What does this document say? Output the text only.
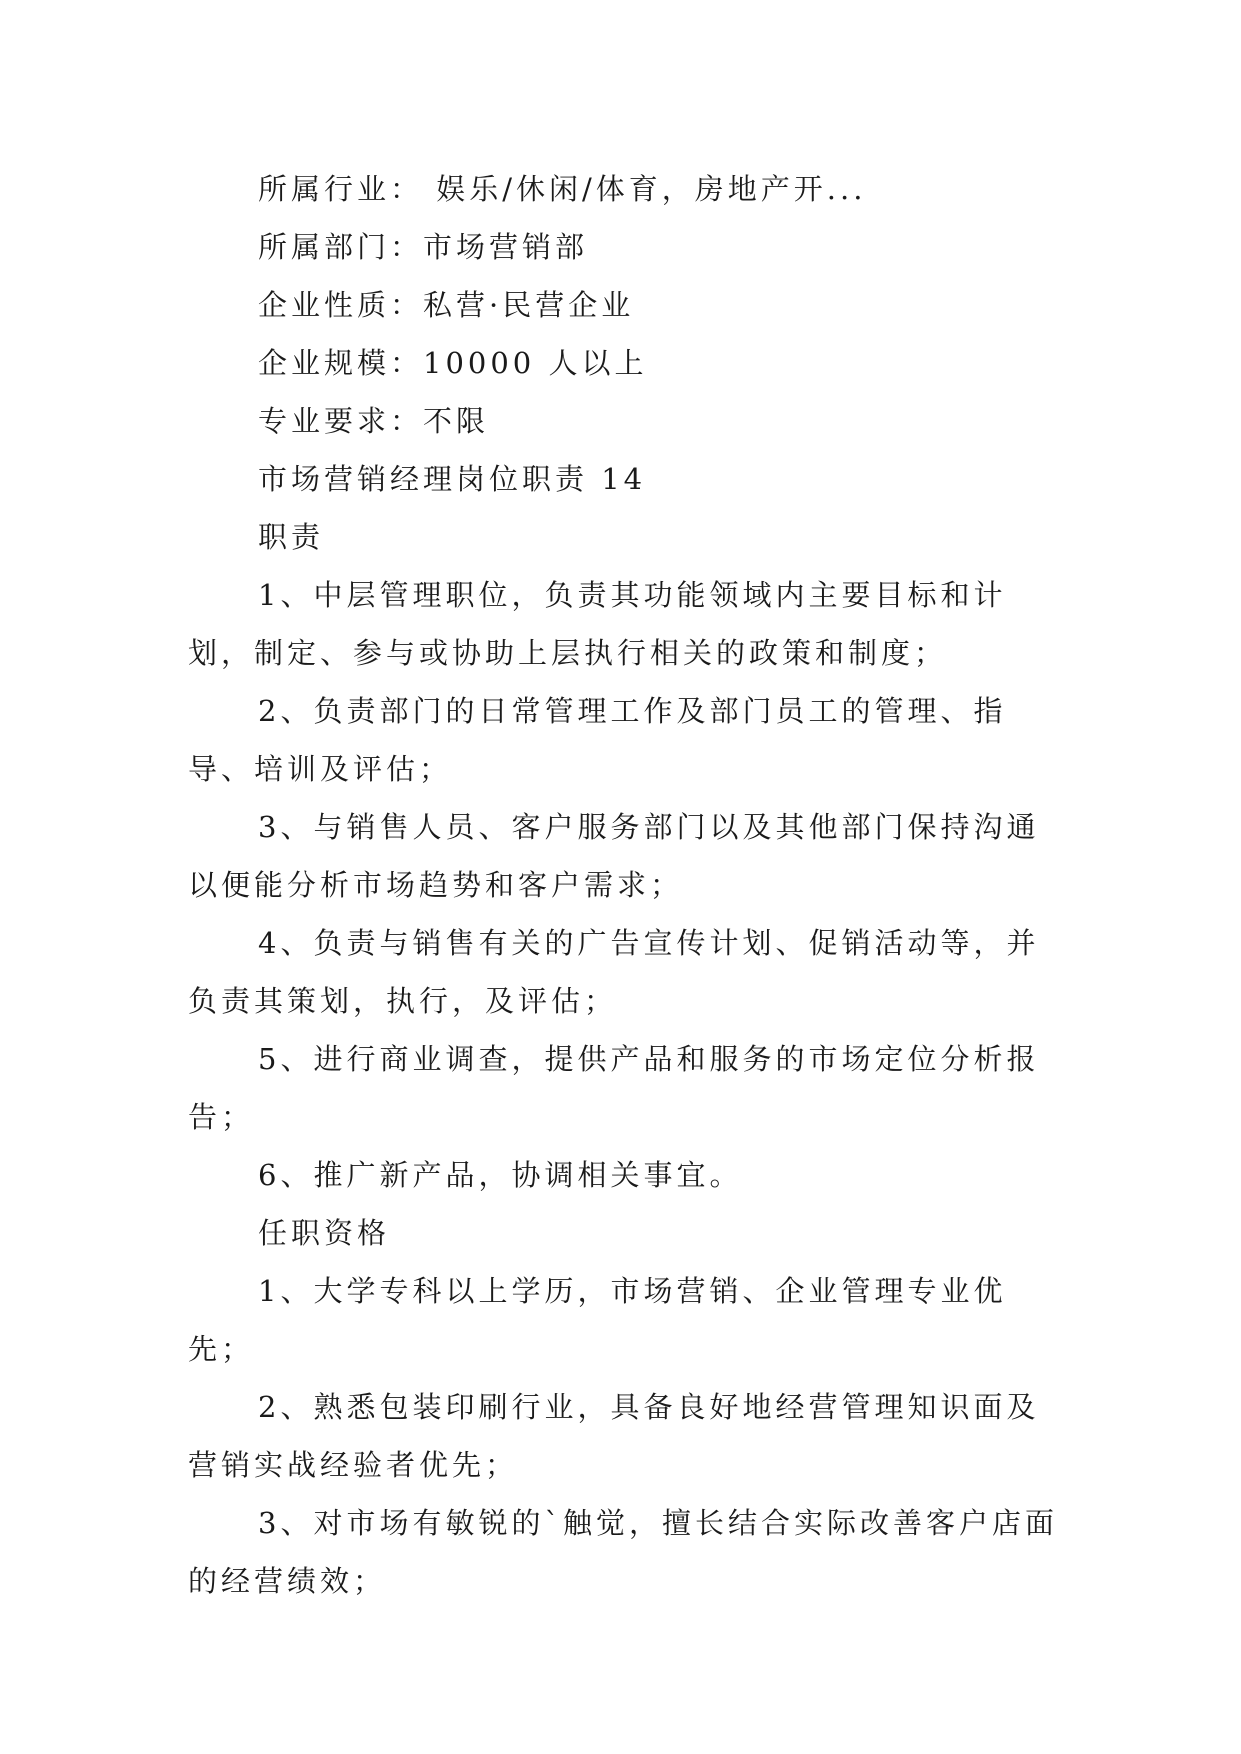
所属行业： 娱乐/休闲/体育，房地产开...
所属部门：市场营销部
企业性质：私营·民营企业
企业规模：10000 人以上
专业要求：不限
市场营销经理岗位职责 14
职责

1、中层管理职位，负责其功能领域内主要目标和计划，制定、参与或协助上层执行相关的政策和制度；

2、负责部门的日常管理工作及部门员工的管理、指导、培训及评估；

3、与销售人员、客户服务部门以及其他部门保持沟通以便能分析市场趋势和客户需求；

4、负责与销售有关的广告宣传计划、促销活动等，并负责其策划，执行，及评估；

5、进行商业调查，提供产品和服务的市场定位分析报告；

6、推广新产品，协调相关事宜。

任职资格

1、大学专科以上学历，市场营销、企业管理专业优先；

2、熟悉包装印刷行业，具备良好地经营管理知识面及营销实战经验者优先；

3、对市场有敏锐的`触觉，擅长结合实际改善客户店面的经营绩效；
